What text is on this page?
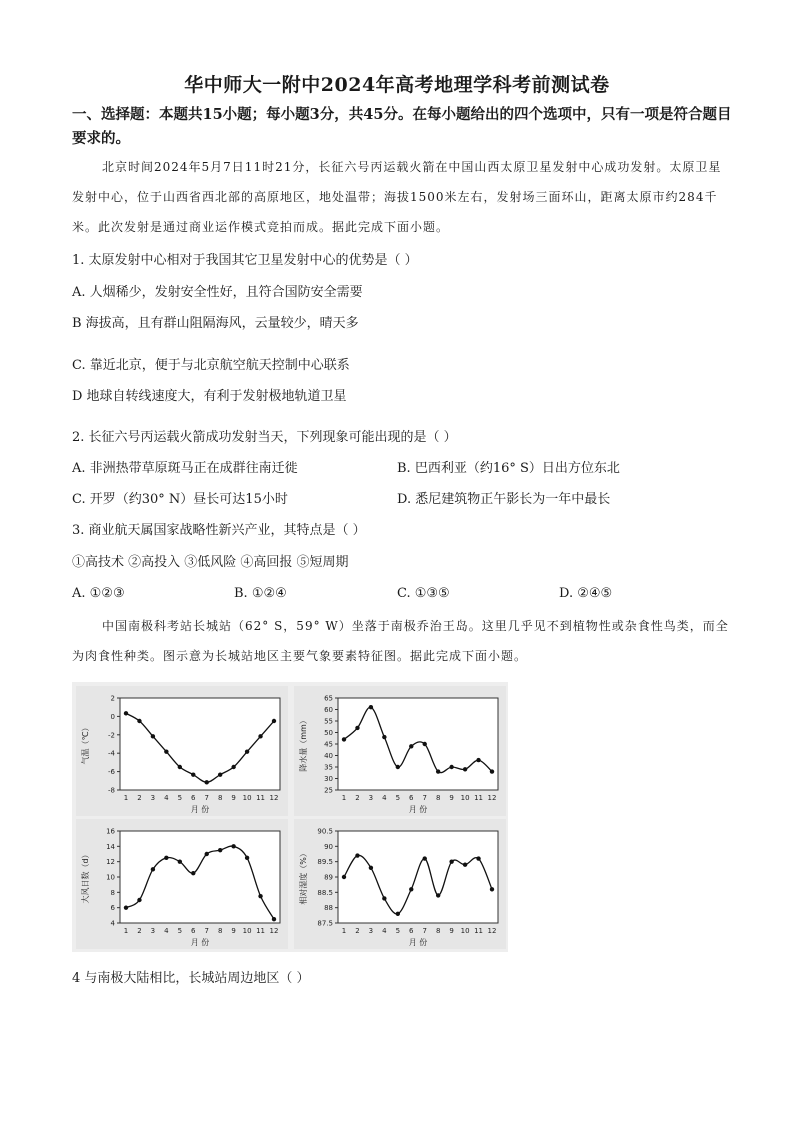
华中师大一附中2024年高考地理学科考前测试卷
一、选择题：本题共15小题；每小题3分，共45分。在每小题给出的四个选项中，只有一项是符合题目要求的。
北京时间2024年5月7日11时21分，长征六号丙运载火箭在中国山西太原卫星发射中心成功发射。太原卫星发射中心，位于山西省西北部的高原地区，地处温带；海拔1500米左右，发射场三面环山，距离太原市约284千米。此次发射是通过商业运作模式竞拍而成。据此完成下面小题。
1. 太原发射中心相对于我国其它卫星发射中心的优势是（ ）
A. 人烟稀少，发射安全性好，且符合国防安全需要
B 海拔高，且有群山阻隔海风，云量较少，晴天多
C. 靠近北京，便于与北京航空航天控制中心联系
D 地球自转线速度大，有利于发射极地轨道卫星
2. 长征六号丙运载火箭成功发射当天，下列现象可能出现的是（ ）
A. 非洲热带草原斑马正在成群往南迁徙	B. 巴西利亚（约16° S）日出方位东北
C. 开罗（约30° N）昼长可达15小时	D. 悉尼建筑物正午影长为一年中最长
3. 商业航天属国家战略性新兴产业，其特点是（ ）
①高技术 ②高投入 ③低风险 ④高回报 ⑤短周期
A. ①②③	B. ①②④	C. ①③⑤	D. ②④⑤
中国南极科考站长城站（62° S，59° W）坐落于南极乔治王岛。这里几乎见不到植物性或杂食性鸟类，而全为肉食性种类。图示意为长城站地区主要气象要素特征图。据此完成下面小题。
气温（℃）
2
0
-2
-4
-6
-8
1 2 3 4 5 6 7 8 9 10 11 12
月 份
降水量（mm）
65
60
55
50
45
40
35
30
25
1 2 3 4 5 6 7 8 9 10 11 12
月 份
大风日数（d）
16
14
12
10
8
6
4
1 2 3 4 5 6 7 8 9 10 11 12
月 份
相对湿度（%）
90.5
90
89.5
89
88.5
88
87.5
1 2 3 4 5 6 7 8 9 10 11 12
月 份
4 与南极大陆相比，长城站周边地区（ ）
